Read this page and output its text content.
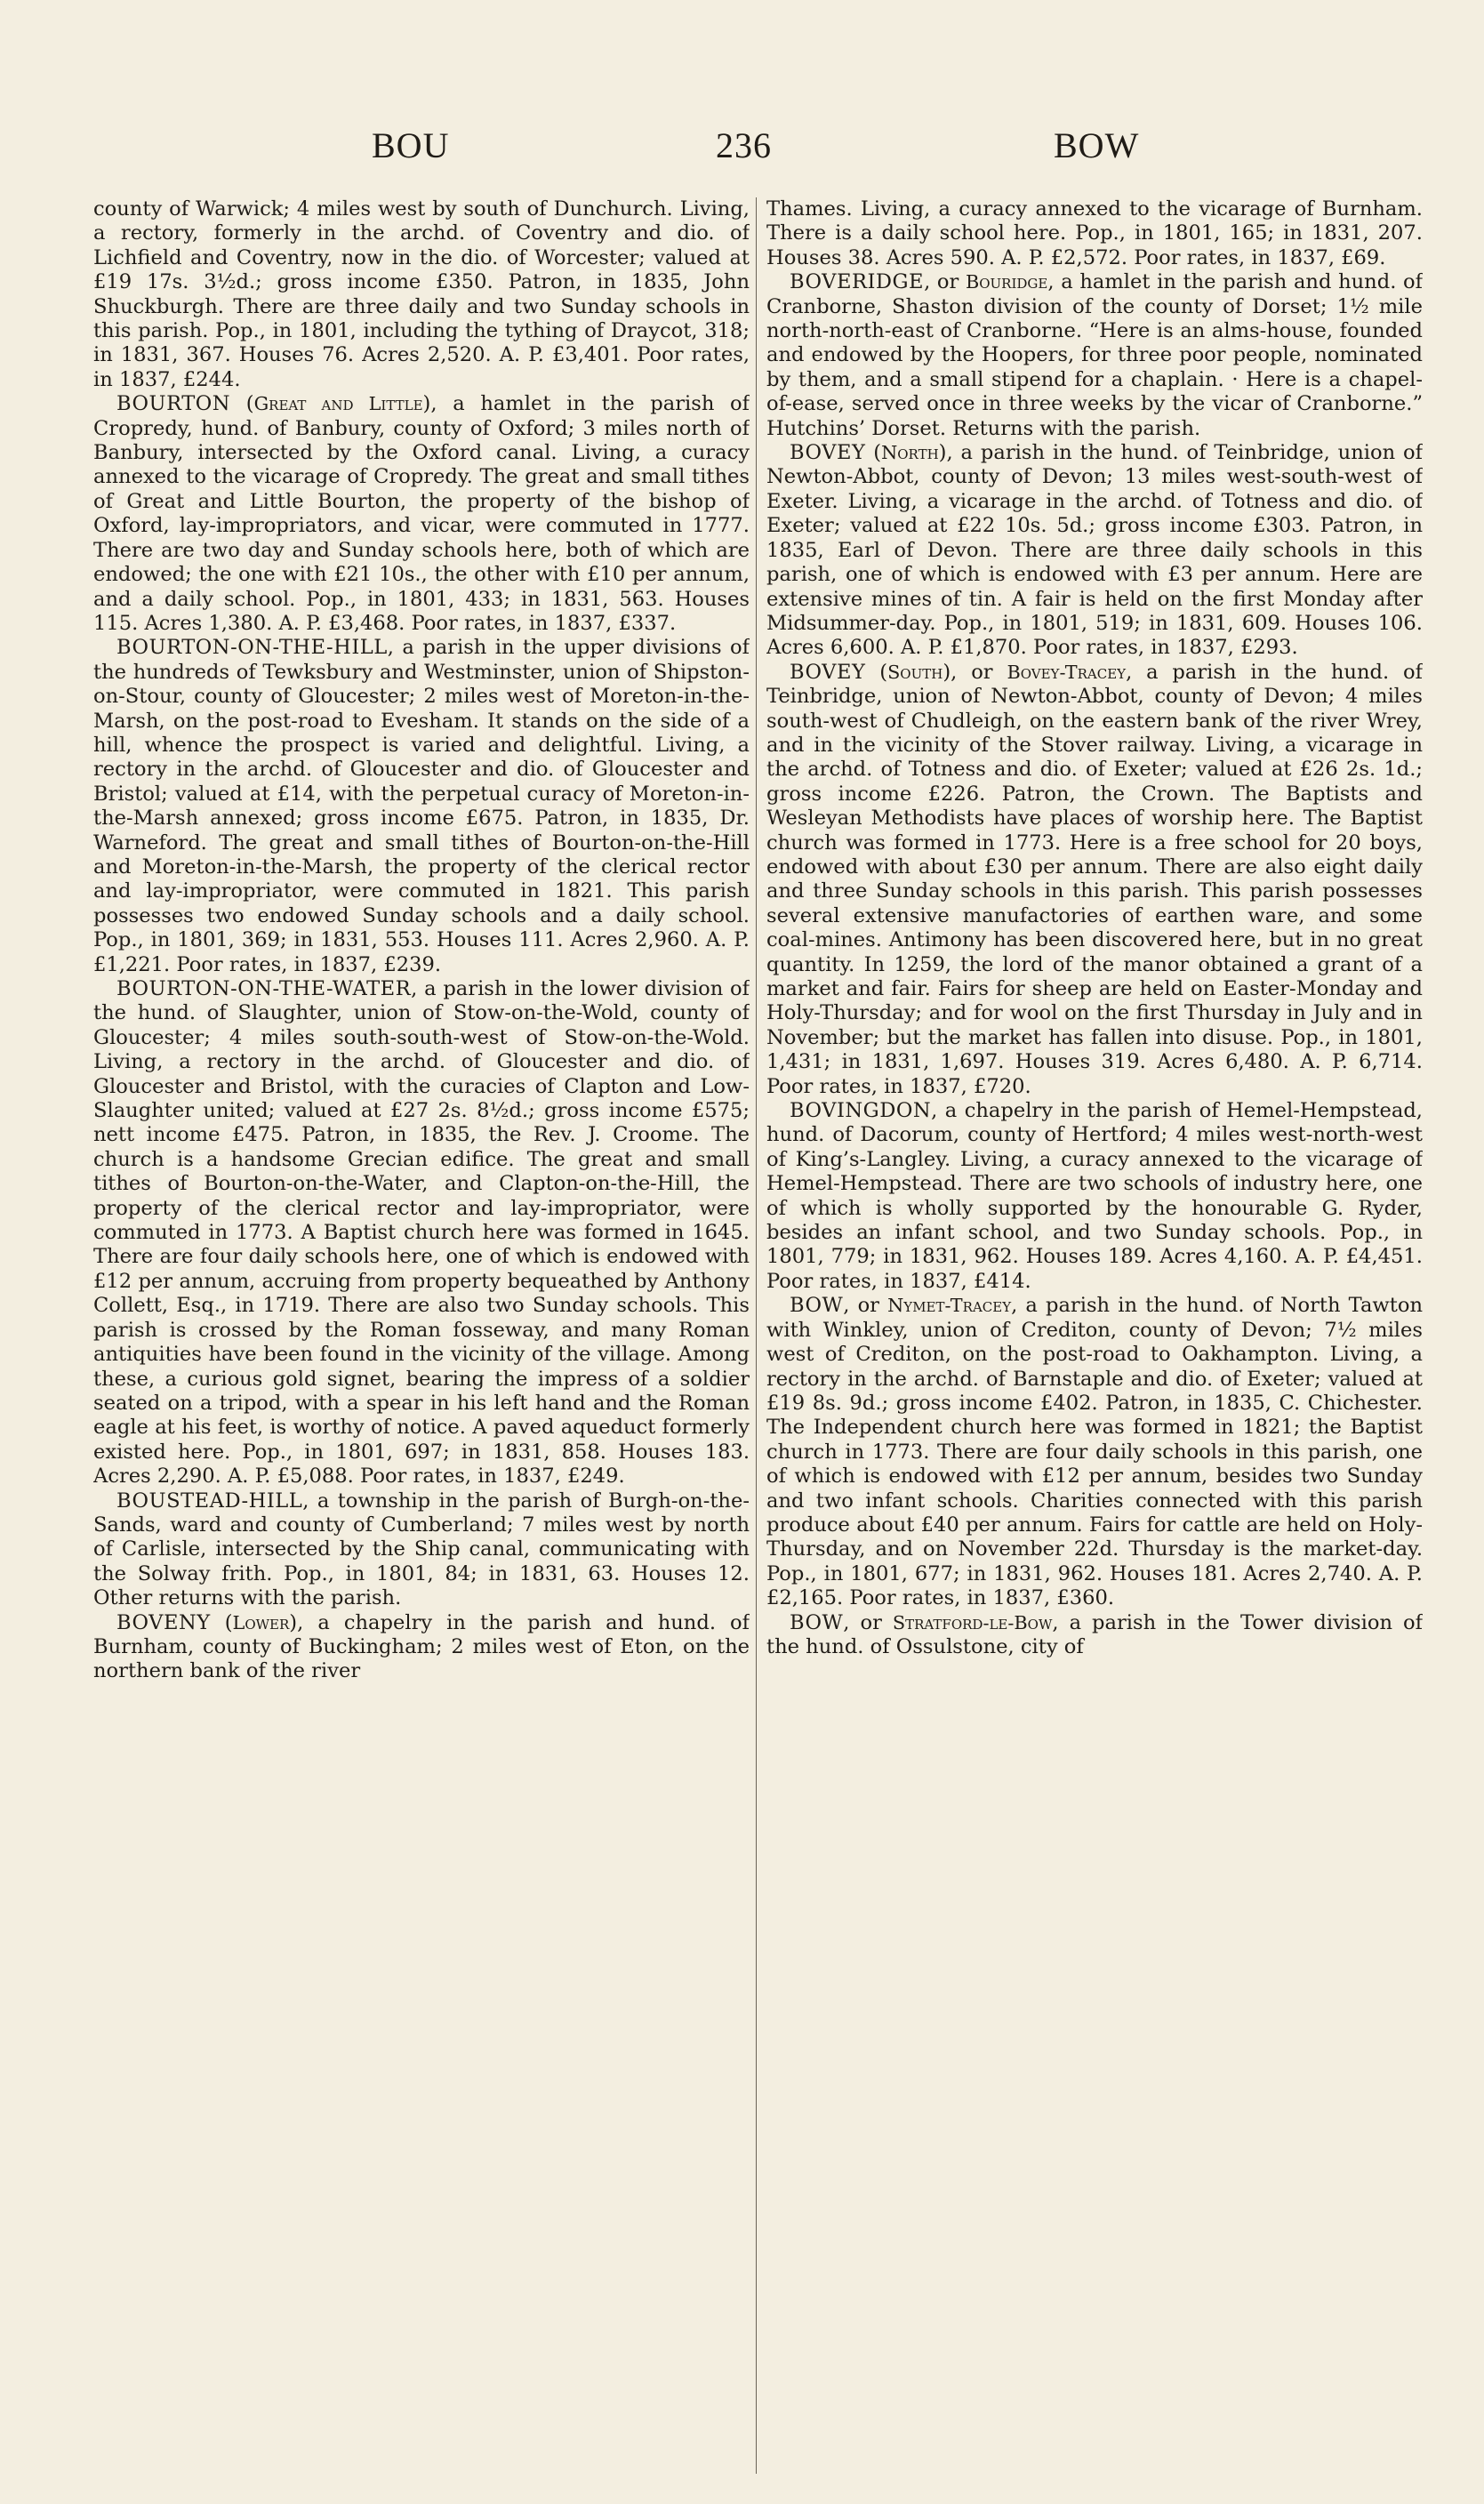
BOU	236	BOW

county of Warwick; 4 miles west by south of Dunchurch. Living, a rectory, formerly in the archd. of Coventry and dio. of Lichfield and Coventry, now in the dio. of Worcester; valued at £19 17s. 3½d.; gross income £350. Patron, in 1835, John Shuckburgh. There are three daily and two Sunday schools in this parish. Pop., in 1801, including the tything of Draycot, 318; in 1831, 367. Houses 76. Acres 2,520. A. P. £3,401. Poor rates, in 1837, £244.

BOURTON (Great and Little), a hamlet in the parish of Cropredy, hund. of Banbury, county of Oxford; 3 miles north of Banbury, intersected by the Oxford canal. Living, a curacy annexed to the vicarage of Cropredy. The great and small tithes of Great and Little Bourton, the property of the bishop of Oxford, lay-impropriators, and vicar, were commuted in 1777. There are two day and Sunday schools here, both of which are endowed; the one with £21 10s., the other with £10 per annum, and a daily school. Pop., in 1801, 433; in 1831, 563. Houses 115. Acres 1,380. A. P. £3,468. Poor rates, in 1837, £337.

BOURTON-ON-THE-HILL, a parish in the upper divisions of the hundreds of Tewksbury and Westminster, union of Shipston-on-Stour, county of Gloucester; 2 miles west of Moreton-in-the-Marsh, on the post-road to Evesham. It stands on the side of a hill, whence the prospect is varied and delightful. Living, a rectory in the archd. of Gloucester and dio. of Gloucester and Bristol; valued at £14, with the perpetual curacy of Moreton-in-the-Marsh annexed; gross income £675. Patron, in 1835, Dr. Warneford. The great and small tithes of Bourton-on-the-Hill and Moreton-in-the-Marsh, the property of the clerical rector and lay-impropriator, were commuted in 1821. This parish possesses two endowed Sunday schools and a daily school. Pop., in 1801, 369; in 1831, 553. Houses 111. Acres 2,960. A. P. £1,221. Poor rates, in 1837, £239.

BOURTON-ON-THE-WATER, a parish in the lower division of the hund. of Slaughter, union of Stow-on-the-Wold, county of Gloucester; 4 miles south-south-west of Stow-on-the-Wold. Living, a rectory in the archd. of Gloucester and dio. of Gloucester and Bristol, with the curacies of Clapton and Low-Slaughter united; valued at £27 2s. 8½d.; gross income £575; nett income £475. Patron, in 1835, the Rev. J. Croome. The church is a handsome Grecian edifice. The great and small tithes of Bourton-on-the-Water, and Clapton-on-the-Hill, the property of the clerical rector and lay-impropriator, were commuted in 1773. A Baptist church here was formed in 1645. There are four daily schools here, one of which is endowed with £12 per annum, accruing from property bequeathed by Anthony Collett, Esq., in 1719. There are also two Sunday schools. This parish is crossed by the Roman fosseway, and many Roman antiquities have been found in the vicinity of the village. Among these, a curious gold signet, bearing the impress of a soldier seated on a tripod, with a spear in his left hand and the Roman eagle at his feet, is worthy of notice. A paved aqueduct formerly existed here. Pop., in 1801, 697; in 1831, 858. Houses 183. Acres 2,290. A. P. £5,088. Poor rates, in 1837, £249.

BOUSTEAD-HILL, a township in the parish of Burgh-on-the-Sands, ward and county of Cumberland; 7 miles west by north of Carlisle, intersected by the Ship canal, communicating with the Solway frith. Pop., in 1801, 84; in 1831, 63. Houses 12. Other returns with the parish.

BOVENY (Lower), a chapelry in the parish and hund. of Burnham, county of Buckingham; 2 miles west of Eton, on the northern bank of the river

Thames. Living, a curacy annexed to the vicarage of Burnham. There is a daily school here. Pop., in 1801, 165; in 1831, 207. Houses 38. Acres 590. A. P. £2,572. Poor rates, in 1837, £69.

BOVERIDGE, or Bouridge, a hamlet in the parish and hund. of Cranborne, Shaston division of the county of Dorset; 1½ mile north-north-east of Cranborne. “Here is an alms-house, founded and endowed by the Hoopers, for three poor people, nominated by them, and a small stipend for a chaplain. · Here is a chapel-of-ease, served once in three weeks by the vicar of Cranborne.” Hutchins’ Dorset. Returns with the parish.

BOVEY (North), a parish in the hund. of Teinbridge, union of Newton-Abbot, county of Devon; 13 miles west-south-west of Exeter. Living, a vicarage in the archd. of Totness and dio. of Exeter; valued at £22 10s. 5d.; gross income £303. Patron, in 1835, Earl of Devon. There are three daily schools in this parish, one of which is endowed with £3 per annum. Here are extensive mines of tin. A fair is held on the first Monday after Midsummer-day. Pop., in 1801, 519; in 1831, 609. Houses 106. Acres 6,600. A. P. £1,870. Poor rates, in 1837, £293.

BOVEY (South), or Bovey-Tracey, a parish in the hund. of Teinbridge, union of Newton-Abbot, county of Devon; 4 miles south-west of Chudleigh, on the eastern bank of the river Wrey, and in the vicinity of the Stover railway. Living, a vicarage in the archd. of Totness and dio. of Exeter; valued at £26 2s. 1d.; gross income £226. Patron, the Crown. The Baptists and Wesleyan Methodists have places of worship here. The Baptist church was formed in 1773. Here is a free school for 20 boys, endowed with about £30 per annum. There are also eight daily and three Sunday schools in this parish. This parish possesses several extensive manufactories of earthen ware, and some coal-mines. Antimony has been discovered here, but in no great quantity. In 1259, the lord of the manor obtained a grant of a market and fair. Fairs for sheep are held on Easter-Monday and Holy-Thursday; and for wool on the first Thursday in July and in November; but the market has fallen into disuse. Pop., in 1801, 1,431; in 1831, 1,697. Houses 319. Acres 6,480. A. P. 6,714. Poor rates, in 1837, £720.

BOVINGDON, a chapelry in the parish of Hemel-Hempstead, hund. of Dacorum, county of Hertford; 4 miles west-north-west of King’s-Langley. Living, a curacy annexed to the vicarage of Hemel-Hempstead. There are two schools of industry here, one of which is wholly supported by the honourable G. Ryder, besides an infant school, and two Sunday schools. Pop., in 1801, 779; in 1831, 962. Houses 189. Acres 4,160. A. P. £4,451. Poor rates, in 1837, £414.

BOW, or Nymet-Tracey, a parish in the hund. of North Tawton with Winkley, union of Crediton, county of Devon; 7½ miles west of Crediton, on the post-road to Oakhampton. Living, a rectory in the archd. of Barnstaple and dio. of Exeter; valued at £19 8s. 9d.; gross income £402. Patron, in 1835, C. Chichester. The Independent church here was formed in 1821; the Baptist church in 1773. There are four daily schools in this parish, one of which is endowed with £12 per annum, besides two Sunday and two infant schools. Charities connected with this parish produce about £40 per annum. Fairs for cattle are held on Holy-Thursday, and on November 22d. Thursday is the market-day. Pop., in 1801, 677; in 1831, 962. Houses 181. Acres 2,740. A. P. £2,165. Poor rates, in 1837, £360.

BOW, or Stratford-le-Bow, a parish in the Tower division of the hund. of Ossulstone, city of
